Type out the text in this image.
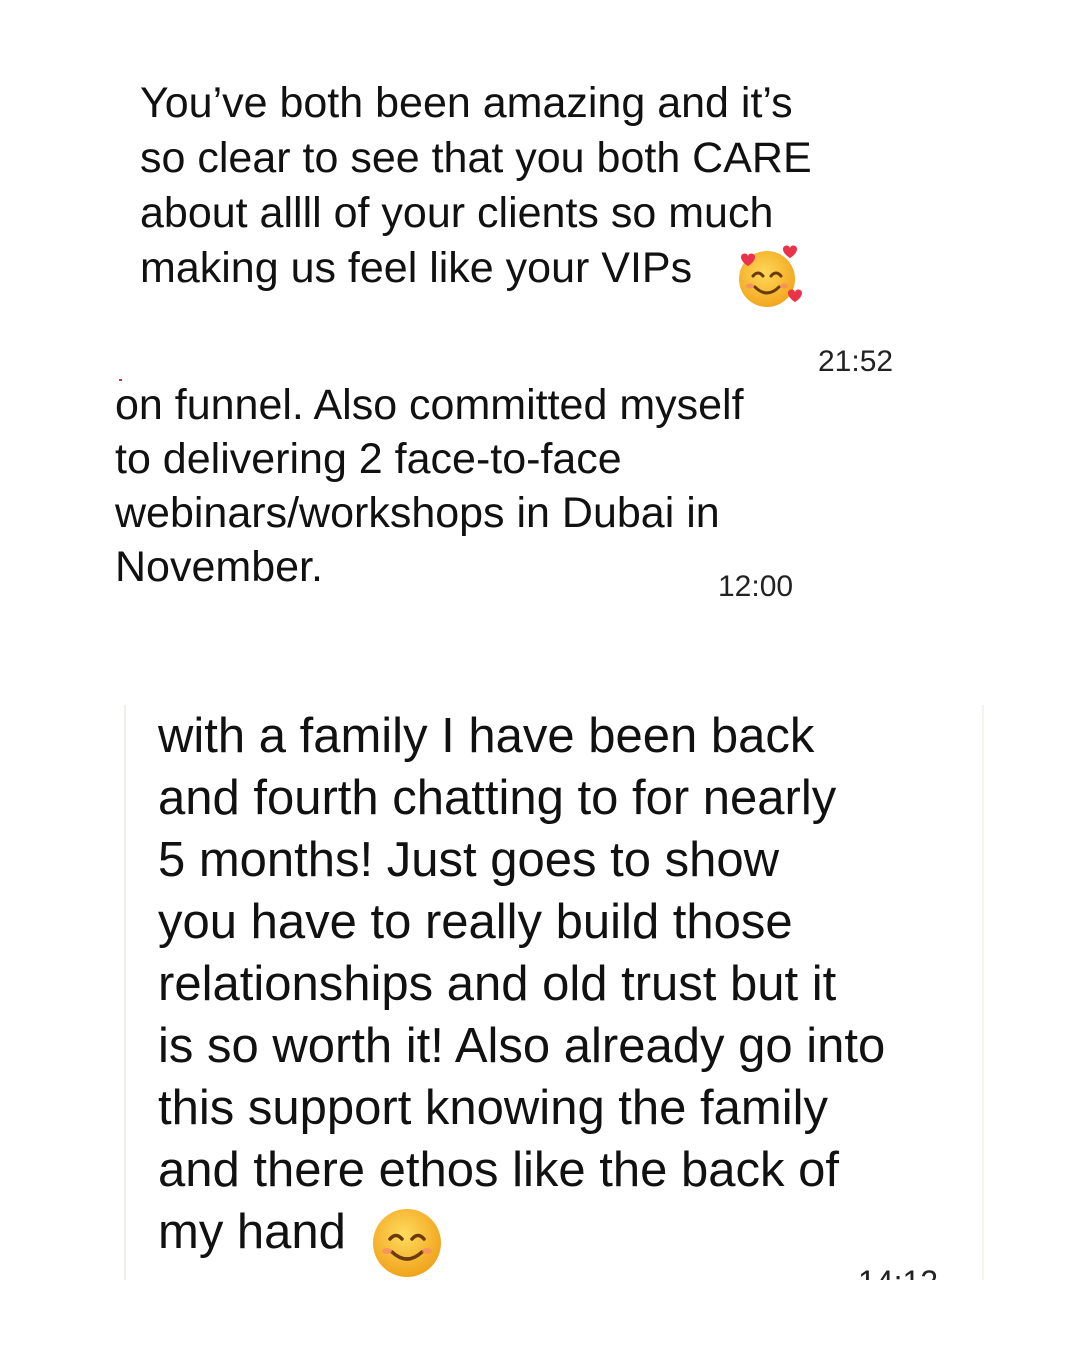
You’ve both been amazing and it’s
so clear to see that you both CARE
about allll of your clients so much
making us feel like your VIPs
21:52
on funnel. Also committed myself
to delivering 2 face-to-face
webinars/workshops in Dubai in
November.	12:00
with a family I have been back
and fourth chatting to for nearly
5 months! Just goes to show
you have to really build those
relationships and old trust but it
is so worth it! Also already go into
this support knowing the family
and there ethos like the back of
my hand
